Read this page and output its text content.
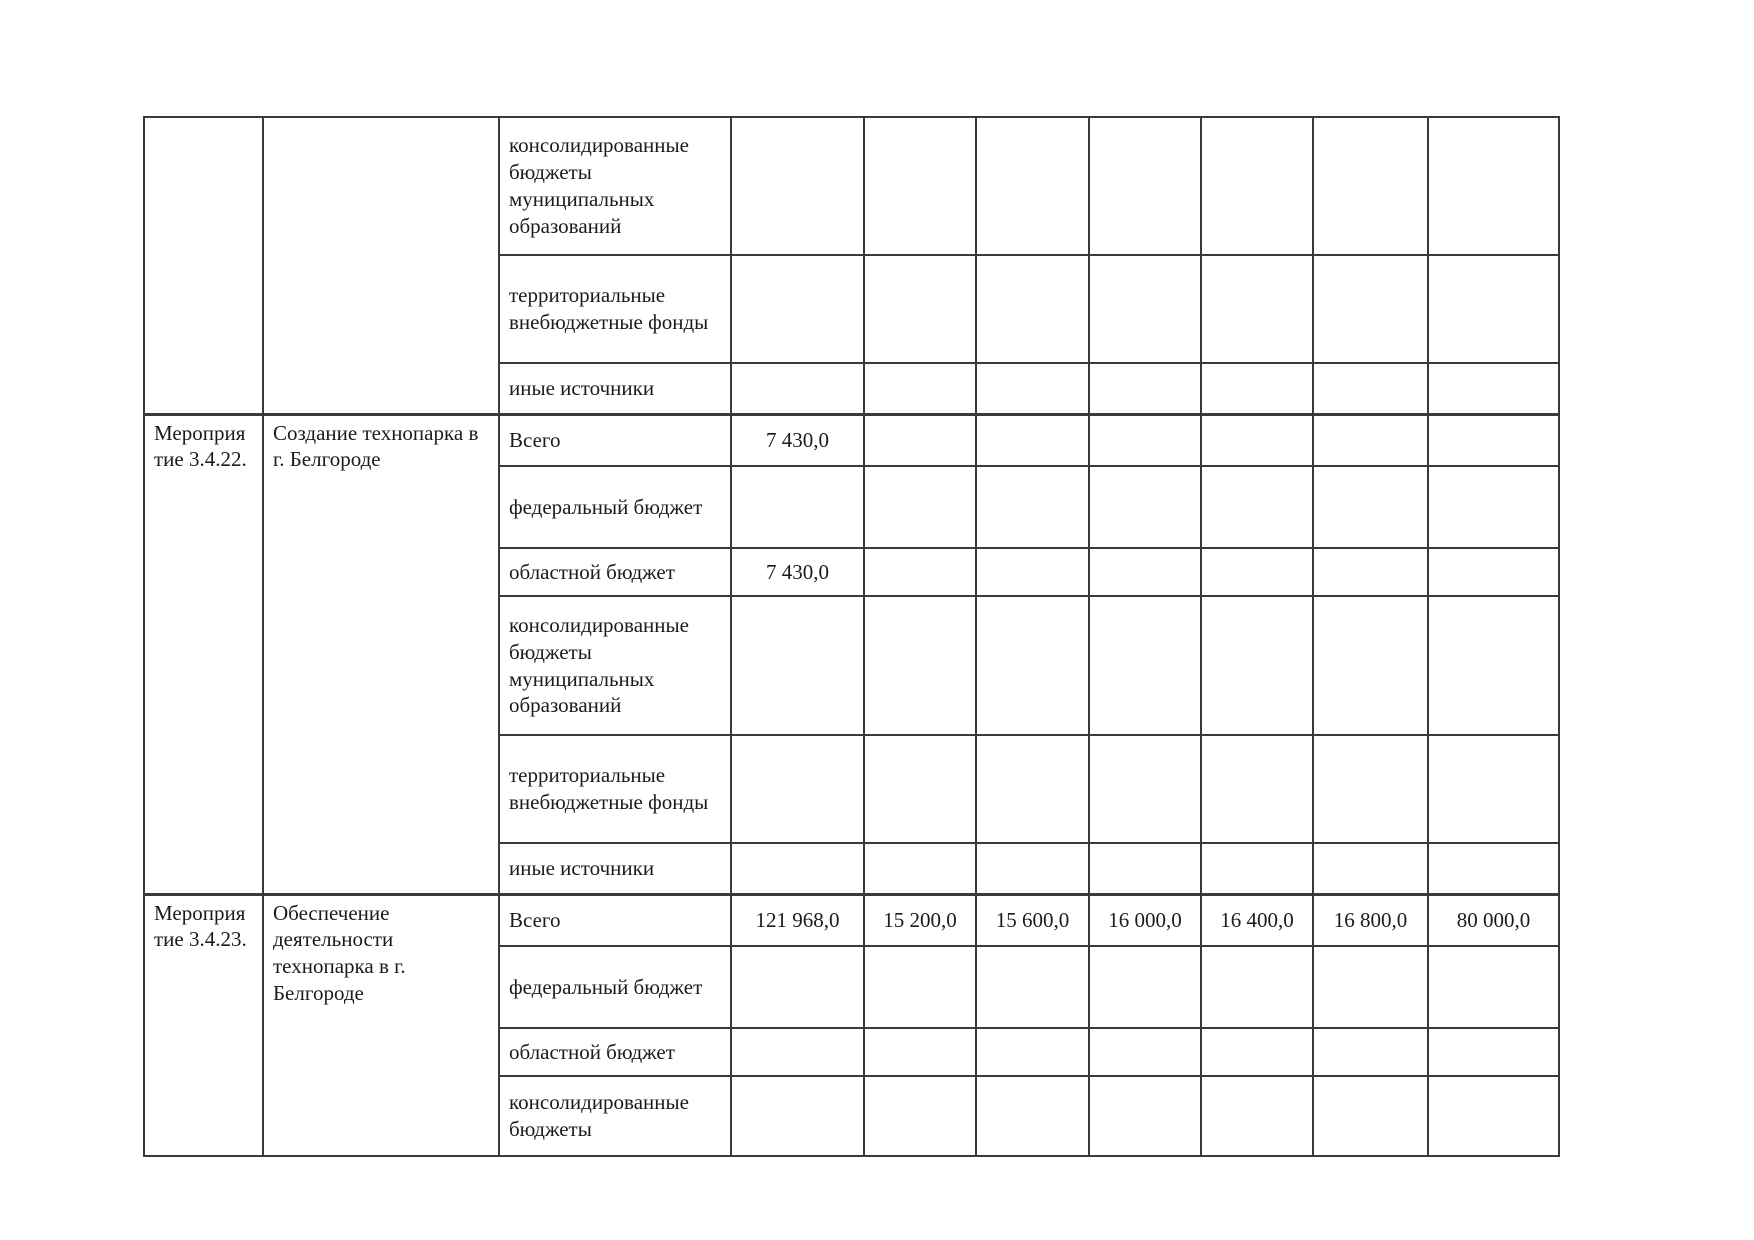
		консолидированные бюджеты муниципальных образований							
		территориальные внебюджетные фонды							
		иные источники							
Мероприятие 3.4.22.	Создание технопарка в г. Белгороде	Всего	7 430,0						
		федеральный бюджет							
		областной бюджет	7 430,0						
		консолидированные бюджеты муниципальных образований							
		территориальные внебюджетные фонды							
		иные источники							
Мероприятие 3.4.23.	Обеспечение деятельности технопарка в г. Белгороде	Всего	121 968,0	15 200,0	15 600,0	16 000,0	16 400,0	16 800,0	80 000,0
		федеральный бюджет							
		областной бюджет							
		консолидированные бюджеты							
